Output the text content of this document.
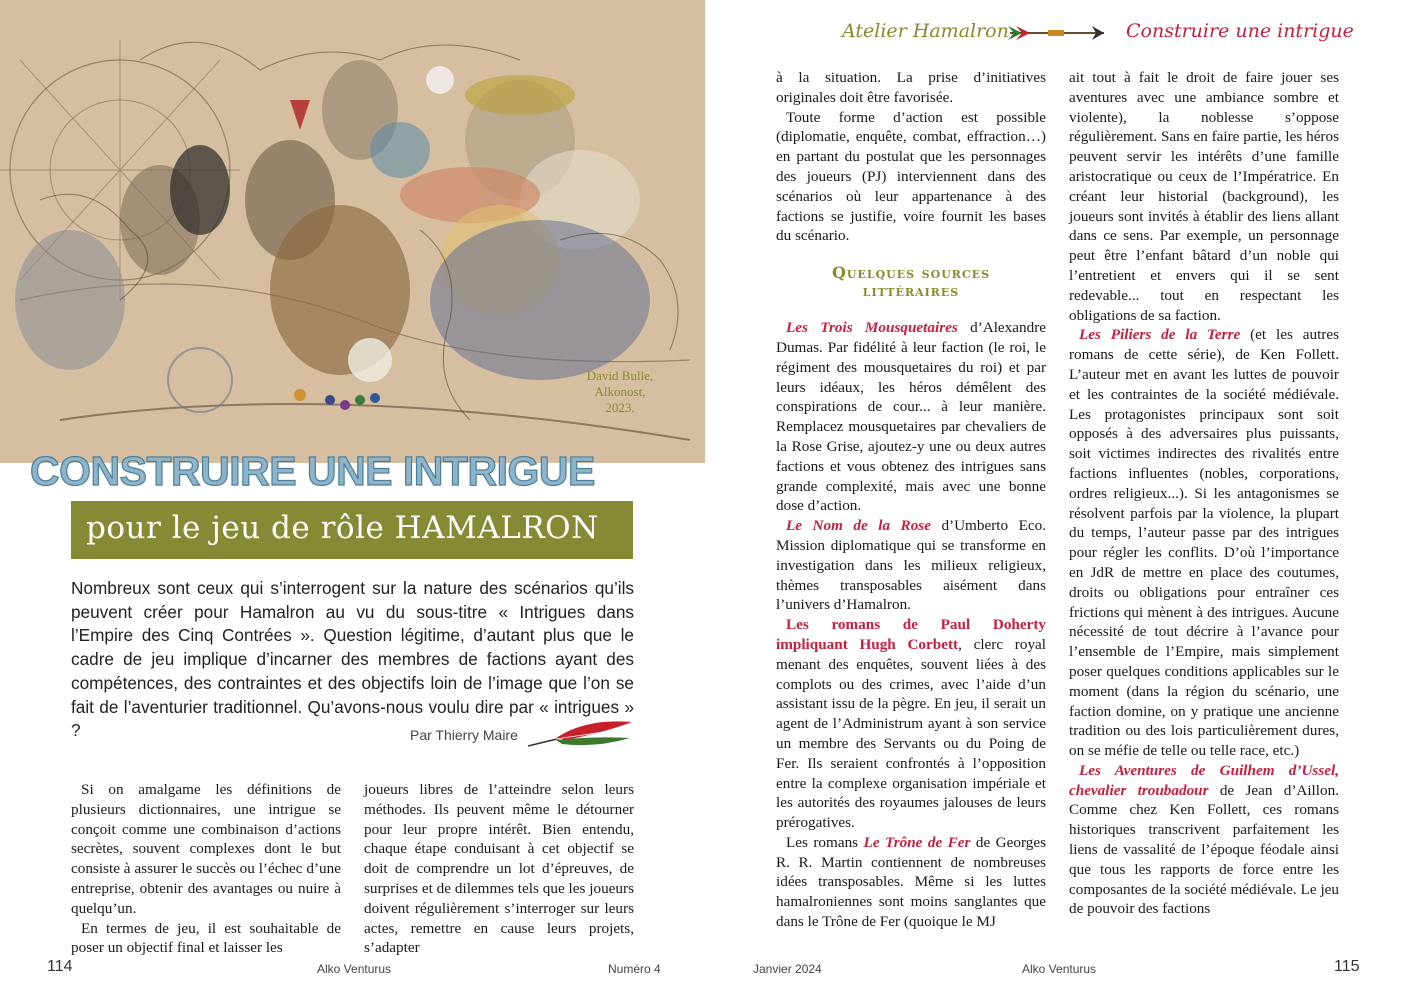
David Bulle,
Alkonost,
2023.
CONSTRUIRE UNE INTRIGUE
pour le jeu de rôle HAMALRON
Nombreux sont ceux qui s’interrogent sur la nature des scénarios qu’ils peuvent créer pour Hamalron au vu du sous-titre « Intrigues dans l’Empire des Cinq Contrées ». Question légitime, d’autant plus que le cadre de jeu implique d’incarner des membres de factions ayant des compétences, des contraintes et des objectifs loin de l’image que l’on se fait de l’aventurier traditionnel. Qu’avons-nous voulu dire par « intrigues » ?	Par Thierry Maire

Si on amalgame les définitions de plusieurs dictionnaires, une intrigue se conçoit comme une combinaison d’actions secrètes, souvent complexes dont le but consiste à assurer le succès ou l’échec d’une entreprise, obtenir des avantages ou nuire à quelqu’un.

En termes de jeu, il est souhaitable de poser un objectif final et laisser les

joueurs libres de l’atteindre selon leurs méthodes. Ils peuvent même le détourner pour leur propre intérêt. Bien entendu, chaque étape conduisant à cet objectif se doit de comprendre un lot d’épreuves, de surprises et de dilemmes tels que les joueurs doivent régulièrement s’interroger sur leurs actes, remettre en cause leurs projets, s’adapter

Atelier Hamalron	Construire une intrigue

à la situation. La prise d’initiatives originales doit être favorisée.

Toute forme d’action est possible (diplomatie, enquête, combat, effraction…) en partant du postulat que les personnages des joueurs (PJ) interviennent dans des scénarios où leur appartenance à des factions se justifie, voire fournit les bases du scénario.

Quelques sources
littéraires

Les Trois Mousquetaires d’Alexandre Dumas. Par fidélité à leur faction (le roi, le régiment des mousquetaires du roi) et par leurs idéaux, les héros démêlent des conspirations de cour... à leur manière. Remplacez mousquetaires par chevaliers de la Rose Grise, ajoutez-y une ou deux autres factions et vous obtenez des intrigues sans grande complexité, mais avec une bonne dose d’action.

Le Nom de la Rose d’Umberto Eco. Mission diplomatique qui se transforme en investigation dans les milieux religieux, thèmes transposables aisément dans l’univers d’Hamalron.

Les romans de Paul Doherty impliquant Hugh Corbett, clerc royal menant des enquêtes, souvent liées à des complots ou des crimes, avec l’aide d’un assistant issu de la pègre. En jeu, il serait un agent de l’Administrum ayant à son service un membre des Servants ou du Poing de Fer. Ils seraient confrontés à l’opposition entre la complexe organisation impériale et les autorités des royaumes jalouses de leurs prérogatives.

Les romans Le Trône de Fer de Georges R. R. Martin contiennent de nombreuses idées transposables. Même si les luttes hamalroniennes sont moins sanglantes que dans le Trône de Fer (quoique le MJ

ait tout à fait le droit de faire jouer ses aventures avec une ambiance sombre et violente), la noblesse s’oppose régulièrement. Sans en faire partie, les héros peuvent servir les intérêts d’une famille aristocratique ou ceux de l’Impératrice. En créant leur historial (background), les joueurs sont invités à établir des liens allant dans ce sens. Par exemple, un personnage peut être l’enfant bâtard d’un noble qui l’entretient et envers qui il se sent redevable... tout en respectant les obligations de sa faction.

Les Piliers de la Terre (et les autres romans de cette série), de Ken Follett. L’auteur met en avant les luttes de pouvoir et les contraintes de la société médiévale. Les protagonistes principaux sont soit opposés à des adversaires plus puissants, soit victimes indirectes des rivalités entre factions influentes (nobles, corporations, ordres religieux...). Si les antagonismes se résolvent parfois par la violence, la plupart du temps, l’auteur passe par des intrigues pour régler les conflits. D’où l’importance en JdR de mettre en place des coutumes, droits ou obligations pour entraîner ces frictions qui mènent à des intrigues. Aucune nécessité de tout décrire à l’avance pour l’ensemble de l’Empire, mais simplement poser quelques conditions applicables sur le moment (dans la région du scénario, une faction domine, on y pratique une ancienne tradition ou des lois particulièrement dures, on se méfie de telle ou telle race, etc.)

Les Aventures de Guilhem d’Ussel, chevalier troubadour de Jean d’Aillon. Comme chez Ken Follett, ces romans historiques transcrivent parfaitement les liens de vassalité de l’époque féodale ainsi que tous les rapports de force entre les composantes de la société médiévale. Le jeu de pouvoir des factions

114	Alko Venturus	Numéro 4	Janvier 2024	Alko Venturus	115
